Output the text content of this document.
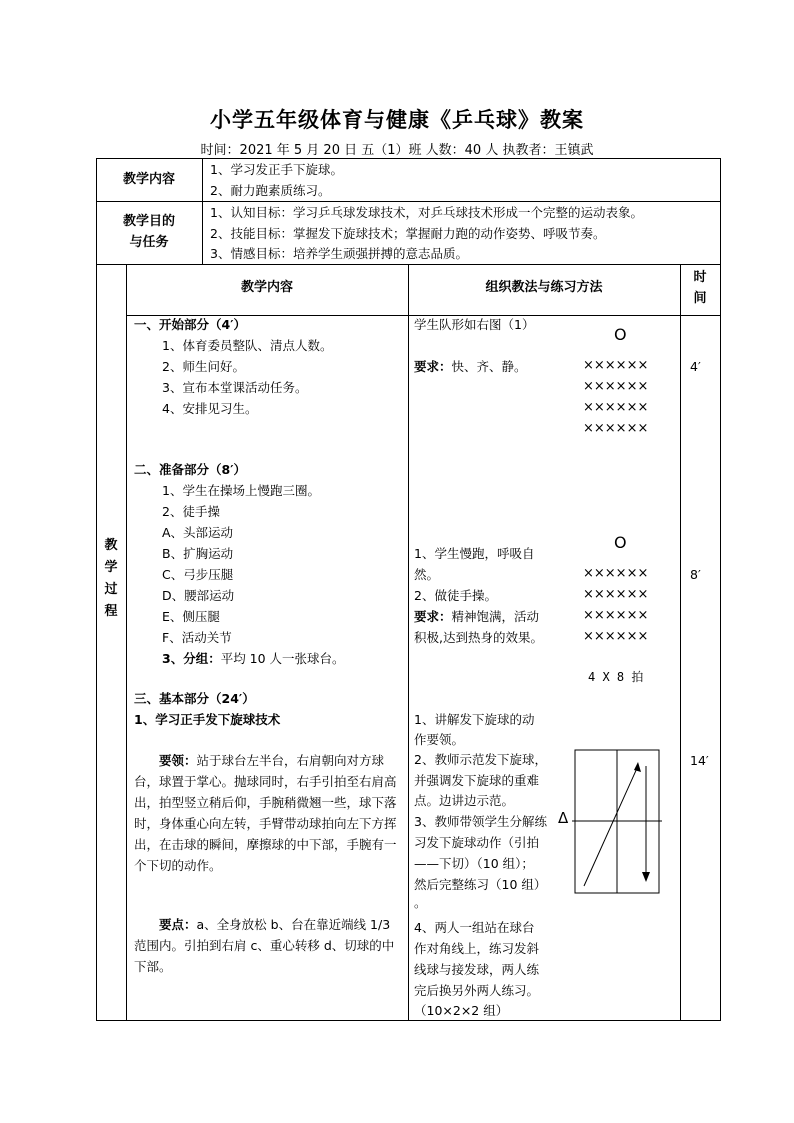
小学五年级体育与健康《乒乓球》教案
时间：2021 年 5 月 20 日 五（1）班 人数：40 人 执教者：王镇武
教学内容
1、学习发正手下旋球。
2、耐力跑素质练习。
教学目的
与任务
1、认知目标：学习乒乓球发球技术，对乒乓球技术形成一个完整的运动表象。
2、技能目标：掌握发下旋球技术；掌握耐力跑的动作姿势、呼吸节奏。
3、情感目标：培养学生顽强拼搏的意志品质。
教
学
过
程
教学内容	组织教法与练习方法
时
间
一、开始部分（4′）
1、体育委员整队、清点人数。
2、师生问好。
3、宣布本堂课活动任务。
4、安排见习生。
学生队形如右图（1）
要求：快、齐、静。
O
××××××
××××××
××××××
××××××
4′
二、准备部分（8′）
1、学生在操场上慢跑三圈。
2、徒手操
A、头部运动
B、扩胸运动
C、弓步压腿
D、腰部运动
E、侧压腿
F、活动关节
3、分组：平均 10 人一张球台。
1、学生慢跑，呼吸自
然。
2、做徒手操。
要求：精神饱满，活动
积极,达到热身的效果。
O
××××××
××××××
××××××
××××××
4 X 8 拍
8′
三、基本部分（24′）
1、学习正手发下旋球技术
要领：站于球台左半台，右肩朝向对方球台，球置于掌心。抛球同时，右手引拍至右肩高出，拍型竖立稍后仰，手腕稍微翘一些，球下落时，身体重心向左转，手臂带动球拍向左下方挥出，在击球的瞬间，摩擦球的中下部，手腕有一个下切的动作。
要点：a、全身放松 b、台在靠近端线 1/3 范围内。引拍到右肩 c、重心转移 d、切球的中下部。
1、讲解发下旋球的动
作要领。
2、教师示范发下旋球，
并强调发下旋球的重难
点。边讲边示范。
3、教师带领学生分解练
习发下旋球动作（引拍
——下切）（10 组）；
然后完整练习（10 组）
。
4、两人一组站在球台
作对角线上，练习发斜
线球与接发球，两人练
完后换另外两人练习。
（10×2×2 组）
Δ
14′
